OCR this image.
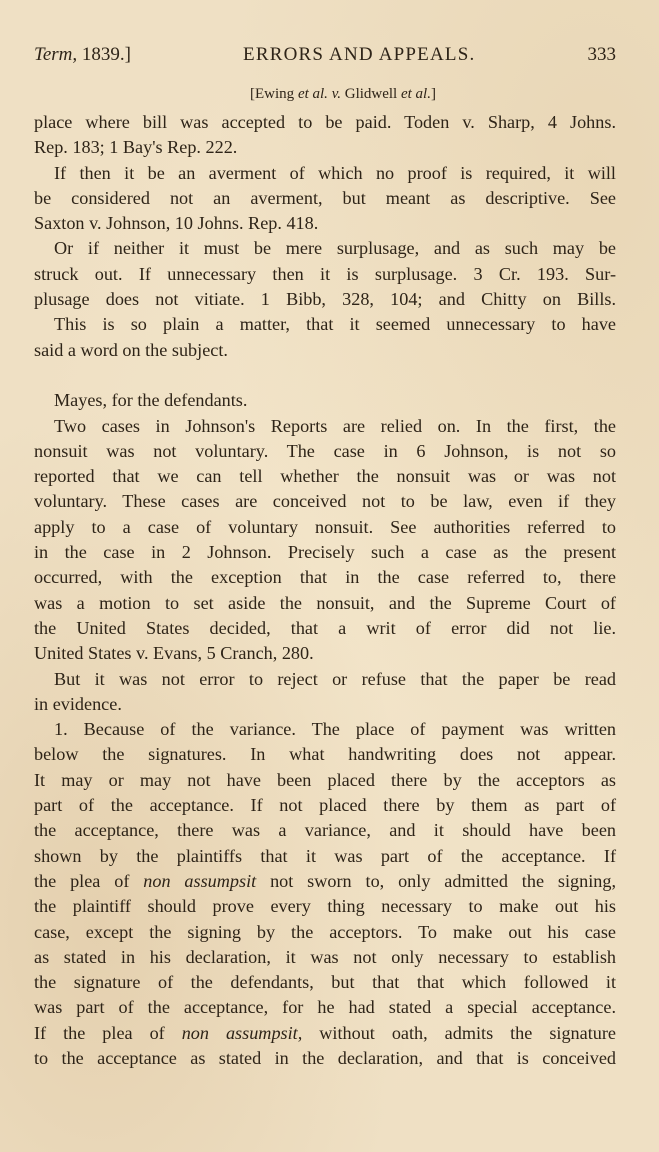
Term, 1839.]	ERRORS AND APPEALS.	333
[Ewing et al. v. Glidwell et al.]
place where bill was accepted to be paid. Toden v. Sharp, 4 Johns.
Rep. 183; 1 Bay's Rep. 222.
If then it be an averment of which no proof is required, it will
be considered not an averment, but meant as descriptive. See
Saxton v. Johnson, 10 Johns. Rep. 418.
Or if neither it must be mere surplusage, and as such may be
struck out. If unnecessary then it is surplusage. 3 Cr. 193. Sur-
plusage does not vitiate. 1 Bibb, 328, 104; and Chitty on Bills.
This is so plain a matter, that it seemed unnecessary to have
said a word on the subject.
Mayes, for the defendants.
Two cases in Johnson's Reports are relied on. In the first, the
nonsuit was not voluntary. The case in 6 Johnson, is not so
reported that we can tell whether the nonsuit was or was not
voluntary. These cases are conceived not to be law, even if they
apply to a case of voluntary nonsuit. See authorities referred to
in the case in 2 Johnson. Precisely such a case as the present
occurred, with the exception that in the case referred to, there
was a motion to set aside the nonsuit, and the Supreme Court of
the United States decided, that a writ of error did not lie.
United States v. Evans, 5 Cranch, 280.
But it was not error to reject or refuse that the paper be read
in evidence.
1. Because of the variance. The place of payment was written
below the signatures. In what handwriting does not appear.
It may or may not have been placed there by the acceptors as
part of the acceptance. If not placed there by them as part of
the acceptance, there was a variance, and it should have been
shown by the plaintiffs that it was part of the acceptance. If
the plea of non assumpsit not sworn to, only admitted the signing,
the plaintiff should prove every thing necessary to make out his
case, except the signing by the acceptors. To make out his case
as stated in his declaration, it was not only necessary to establish
the signature of the defendants, but that that which followed it
was part of the acceptance, for he had stated a special acceptance.
If the plea of non assumpsit, without oath, admits the signature
to the acceptance as stated in the declaration, and that is conceived
